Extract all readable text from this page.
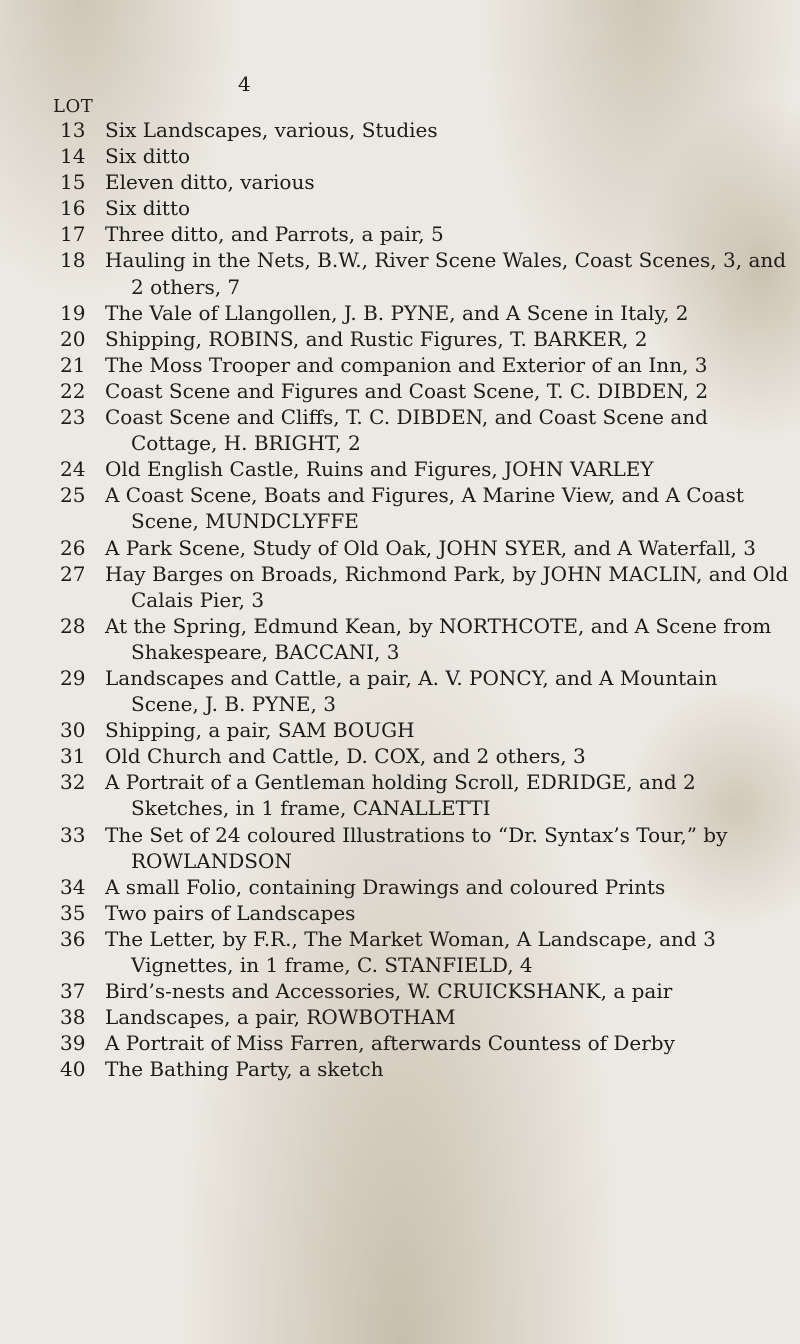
4
LOT
13 Six Landscapes, various, Studies
14 Six ditto
15 Eleven ditto, various
16 Six ditto
17 Three ditto, and Parrots, a pair, 5
18 Hauling in the Nets, B.W., River Scene Wales, Coast Scenes, 3, and 2 others, 7
19 The Vale of Llangollen, J. B. PYNE, and A Scene in Italy, 2
20 Shipping, ROBINS, and Rustic Figures, T. BARKER, 2
21 The Moss Trooper and companion and Exterior of an Inn, 3
22 Coast Scene and Figures and Coast Scene, T. C. DIBDEN, 2
23 Coast Scene and Cliffs, T. C. DIBDEN, and Coast Scene and Cottage, H. BRIGHT, 2
24 Old English Castle, Ruins and Figures, JOHN VARLEY
25 A Coast Scene, Boats and Figures, A Marine View, and A Coast Scene, MUNDCLYFFE
26 A Park Scene, Study of Old Oak, JOHN SYER, and A Waterfall, 3
27 Hay Barges on Broads, Richmond Park, by JOHN MACLIN, and Old Calais Pier, 3
28 At the Spring, Edmund Kean, by NORTHCOTE, and A Scene from Shakespeare, BACCANI, 3
29 Landscapes and Cattle, a pair, A. V. PONCY, and A Mountain Scene, J. B. PYNE, 3
30 Shipping, a pair, SAM BOUGH
31 Old Church and Cattle, D. COX, and 2 others, 3
32 A Portrait of a Gentleman holding Scroll, EDRIDGE, and 2 Sketches, in 1 frame, CANALLETTI
33 The Set of 24 coloured Illustrations to “Dr. Syntax’s Tour,” by ROWLANDSON
34 A small Folio, containing Drawings and coloured Prints
35 Two pairs of Landscapes
36 The Letter, by F.R., The Market Woman, A Landscape, and 3 Vignettes, in 1 frame, C. STANFIELD, 4
37 Bird’s-nests and Accessories, W. CRUICKSHANK, a pair
38 Landscapes, a pair, ROWBOTHAM
39 A Portrait of Miss Farren, afterwards Countess of Derby
40 The Bathing Party, a sketch
